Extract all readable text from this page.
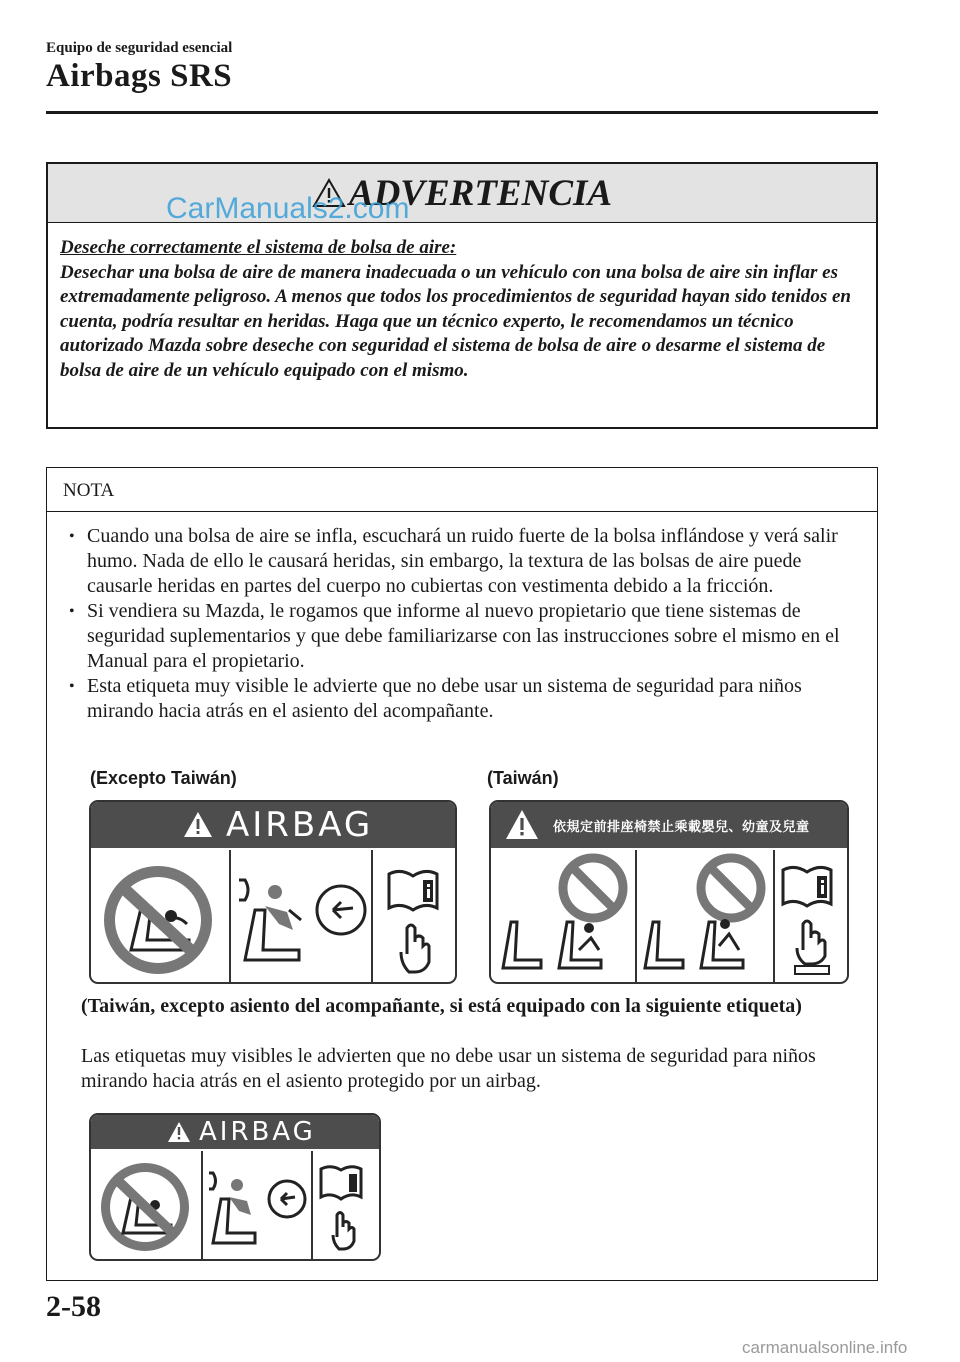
Equipo de seguridad esencial
Airbags SRS
ADVERTENCIA
CarManuals2.com

Deseche correctamente el sistema de bolsa de aire:

Desechar una bolsa de aire de manera inadecuada o un vehículo con una bolsa de aire sin inflar es extremadamente peligroso. A menos que todos los procedimientos de seguridad hayan sido tenidos en cuenta, podría resultar en heridas. Haga que un técnico experto, le recomendamos un técnico autorizado Mazda sobre deseche con seguridad el sistema de bolsa de aire o desarme el sistema de bolsa de aire de un vehículo equipado con el mismo.

NOTA
• Cuando una bolsa de aire se infla, escuchará un ruido fuerte de la bolsa inflándose y verá salir humo. Nada de ello le causará heridas, sin embargo, la textura de las bolsas de aire puede causarle heridas en partes del cuerpo no cubiertas con vestimenta debido a la fricción.
• Si vendiera su Mazda, le rogamos que informe al nuevo propietario que tiene sistemas de seguridad suplementarios y que debe familiarizarse con las instrucciones sobre el mismo en el Manual para el propietario.
• Esta etiqueta muy visible le advierte que no debe usar un sistema de seguridad para niños mirando hacia atrás en el asiento del acompañante.
(Excepto Taiwán)	(Taiwán)
AIRBAG	依規定前排座椅禁止乘載嬰兒、幼童及兒童
(Taiwán, excepto asiento del acompañante, si está equipado con la siguiente etiqueta)
Las etiquetas muy visibles le advierten que no debe usar un sistema de seguridad para niños mirando hacia atrás en el asiento protegido por un airbag.
AIRBAG
2-58
carmanualsonline.info
